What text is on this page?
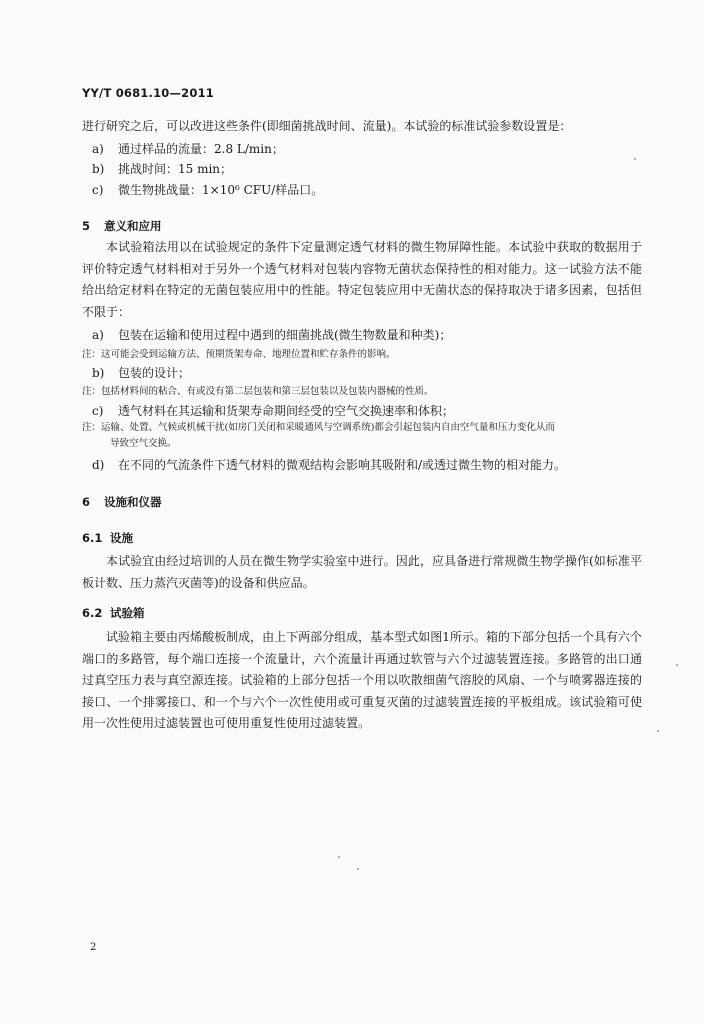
YY/T 0681.10—2011
进行研究之后，可以改进这些条件(即细菌挑战时间、流量)。本试验的标准试验参数设置是：
a) 通过样品的流量：2.8 L/min；
b) 挑战时间：15 min；
c) 微生物挑战量：1×10⁶ CFU/样品口。
5 意义和应用
本试验箱法用以在试验规定的条件下定量测定透气材料的微生物屏障性能。本试验中获取的数据用于评价特定透气材料相对于另外一个透气材料对包装内容物无菌状态保持性的相对能力。这一试验方法不能给出给定材料在特定的无菌包装应用中的性能。特定包装应用中无菌状态的保持取决于诸多因素，包括但不限于：
a) 包装在运输和使用过程中遇到的细菌挑战(微生物数量和种类)；
注：这可能会受到运输方法、预期货架寿命、地理位置和贮存条件的影响。
b) 包装的设计；
注：包括材料间的粘合、有或没有第二层包装和第三层包装以及包装内器械的性质。
c) 透气材料在其运输和货架寿命期间经受的空气交换速率和体积；
注：运输、处置、气候或机械干扰(如房门关闭和采暖通风与空调系统)都会引起包装内自由空气量和压力变化从而
导致空气交换。
d) 在不同的气流条件下透气材料的微观结构会影响其吸附和/或透过微生物的相对能力。
6 设施和仪器
6.1 设施
本试验宜由经过培训的人员在微生物学实验室中进行。因此，应具备进行常规微生物学操作(如标准平板计数、压力蒸汽灭菌等)的设备和供应品。
6.2 试验箱
试验箱主要由丙烯酸板制成，由上下两部分组成，基本型式如图1所示。箱的下部分包括一个具有六个端口的多路管，每个端口连接一个流量计，六个流量计再通过软管与六个过滤装置连接。多路管的出口通过真空压力表与真空源连接。试验箱的上部分包括一个用以吹散细菌气溶胶的风扇、一个与喷雾器连接的接口、一个排雾接口、和一个与六个一次性使用或可重复灭菌的过滤装置连接的平板组成。该试验箱可使用一次性使用过滤装置也可使用重复性使用过滤装置。
2
